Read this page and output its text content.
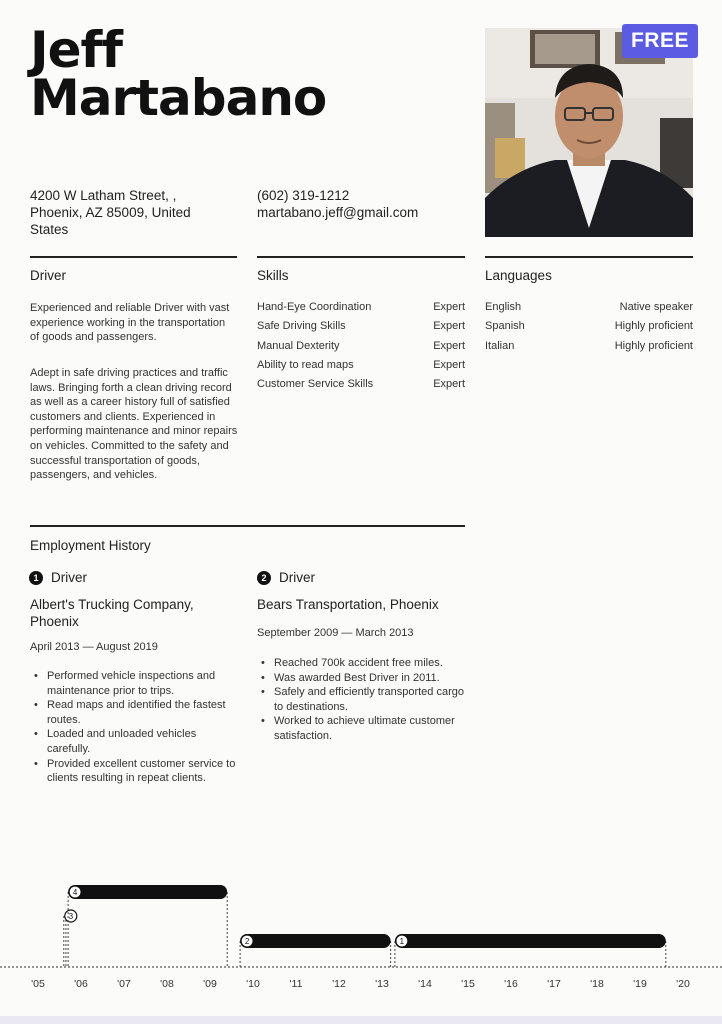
Jeff
Martabano
FREE
4200 W Latham Street, , Phoenix, AZ 85009, United States
(602) 319-1212
martabano.jeff@gmail.com
Driver	Skills	Languages
Experienced and reliable Driver with vast experience working in the transportation of goods and passengers.
Adept in safe driving practices and traffic laws. Bringing forth a clean driving record as well as a career history full of satisfied customers and clients. Experienced in performing maintenance and minor repairs on vehicles. Committed to the safety and successful transportation of goods, passengers, and vehicles.
Hand-Eye Coordination	Expert
Safe Driving Skills	Expert
Manual Dexterity	Expert
Ability to read maps	Expert
Customer Service Skills	Expert
English	Native speaker
Spanish	Highly proficient
Italian	Highly proficient
Employment History
1 Driver
Albert's Trucking Company, Phoenix
April 2013 — August 2019
• Performed vehicle inspections and maintenance prior to trips.
• Read maps and identified the fastest routes.
• Loaded and unloaded vehicles carefully.
• Provided excellent customer service to clients resulting in repeat clients.
2 Driver
Bears Transportation, Phoenix
September 2009 — March 2013
• Reached 700k accident free miles.
• Was awarded Best Driver in 2011.
• Safely and efficiently transported cargo to destinations.
• Worked to achieve ultimate customer satisfaction.
'05	'06	'07	'08	'09	'10	'11	'12	'13	'14	'15	'16	'17	'18	'19	'20
1
2
3
4
